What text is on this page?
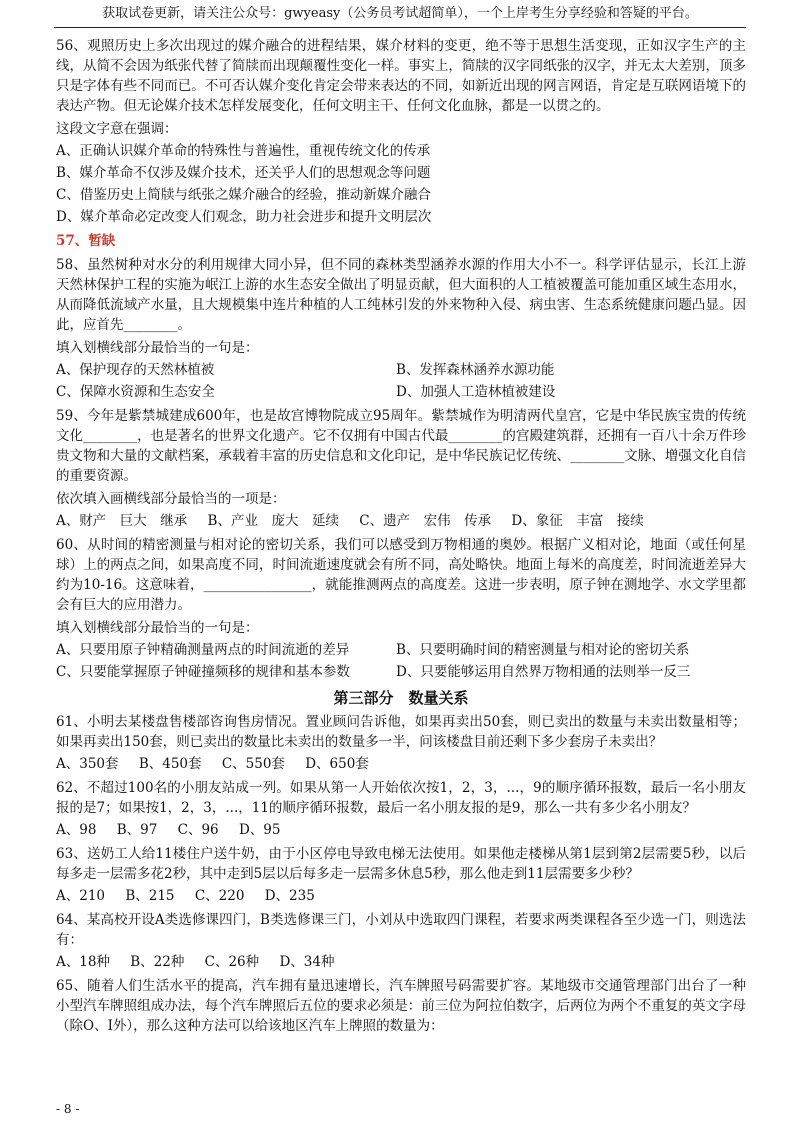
获取试卷更新，请关注公众号：gwyeasy（公务员考试超简单），一个上岸考生分享经验和答疑的平台。
56、观照历史上多次出现过的媒介融合的进程结果，媒介材料的变更，绝不等于思想生活变现，正如汉字生产的主线，从简不会因为纸张代替了简牍而出现颠覆性变化一样。事实上，简牍的汉字同纸张的汉字，并无太大差别，顶多只是字体有些不同而已。不可否认媒介变化肯定会带来表达的不同，如新近出现的网言网语，肯定是互联网语境下的表达产物。但无论媒介技术怎样发展变化，任何文明主干、任何文化血脉，都是一以贯之的。
这段文字意在强调：
A、正确认识媒介革命的特殊性与普遍性，重视传统文化的传承
B、媒介革命不仅涉及媒介技术，还关乎人们的思想观念等问题
C、借鉴历史上简牍与纸张之媒介融合的经验，推动新媒介融合
D、媒介革命必定改变人们观念，助力社会进步和提升文明层次
57、暂缺
58、虽然树种对水分的利用规律大同小异，但不同的森林类型涵养水源的作用大小不一。科学评估显示，长江上游天然林保护工程的实施为岷江上游的水生态安全做出了明显贡献，但大面积的人工植被覆盖可能加重区域生态用水，从而降低流域产水量，且大规模集中连片种植的人工纯林引发的外来物种入侵、病虫害、生态系统健康问题凸显。因此，应首先________。
填入划横线部分最恰当的一句是：
A、保护现存的天然林植被	B、发挥森林涵养水源功能
C、保障水资源和生态安全	D、加强人工造林植被建设
59、今年是紫禁城建成600年，也是故宫博物院成立95周年。紫禁城作为明清两代皇宫，它是中华民族宝贵的传统文化________，也是著名的世界文化遗产。它不仅拥有中国古代最________的宫殿建筑群，还拥有一百八十余万件珍贵文物和大量的文献档案，承载着丰富的历史信息和文化印记，是中华民族记忆传统、________文脉、增强文化自信的重要资源。
依次填入画横线部分最恰当的一项是：
A、财产　巨大　继承 B、产业　庞大　延续 C、遗产　宏伟　传承 D、象征　丰富　接续
60、从时间的精密测量与相对论的密切关系，我们可以感受到万物相通的奥妙。根据广义相对论，地面（或任何星球）上的两点之间，如果高度不同，时间流逝速度就会有所不同，高处略快。地面上每米的高度差，时间流逝差异大约为10-16。这意味着，________________，就能推测两点的高度差。这进一步表明，原子钟在测地学、水文学里都会有巨大的应用潜力。
填入划横线部分最恰当的一句是：
A、只要用原子钟精确测量两点的时间流逝的差异	B、只要明确时间的精密测量与相对论的密切关系
C、只要能掌握原子钟碰撞频移的规律和基本参数	D、只要能够运用自然界万物相通的法则举一反三
第三部分　数量关系
61、小明去某楼盘售楼部咨询售房情况。置业顾问告诉他，如果再卖出50套，则已卖出的数量与未卖出数量相等；如果再卖出150套，则已卖出的数量比未卖出的数量多一半，问该楼盘目前还剩下多少套房子未卖出？
A、350套 B、450套 C、550套 D、650套
62、不超过100名的小朋友站成一列。如果从第一人开始依次按1，2，3，...，9的顺序循环报数，最后一名小朋友报的是7；如果按1，2，3，...，11的顺序循环报数，最后一名小朋友报的是9，那么一共有多少名小朋友？
A、98 B、97 C、96 D、95
63、送奶工人给11楼住户送牛奶，由于小区停电导致电梯无法使用。如果他走楼梯从第1层到第2层需要5秒，以后每多走一层需多花2秒，其中走到5层以后每多走一层需多休息5秒，那么他走到11层需要多少秒？
A、210 B、215 C、220 D、235
64、某高校开设A类选修课四门，B类选修课三门，小刘从中选取四门课程，若要求两类课程各至少选一门，则选法有：
A、18种 B、22种 C、26种 D、34种
65、随着人们生活水平的提高，汽车拥有量迅速增长，汽车牌照号码需要扩容。某地级市交通管理部门出台了一种小型汽车牌照组成办法，每个汽车牌照后五位的要求必须是：前三位为阿拉伯数字，后两位为两个不重复的英文字母（除O、I外），那么这种方法可以给该地区汽车上牌照的数量为：
- 8 -
